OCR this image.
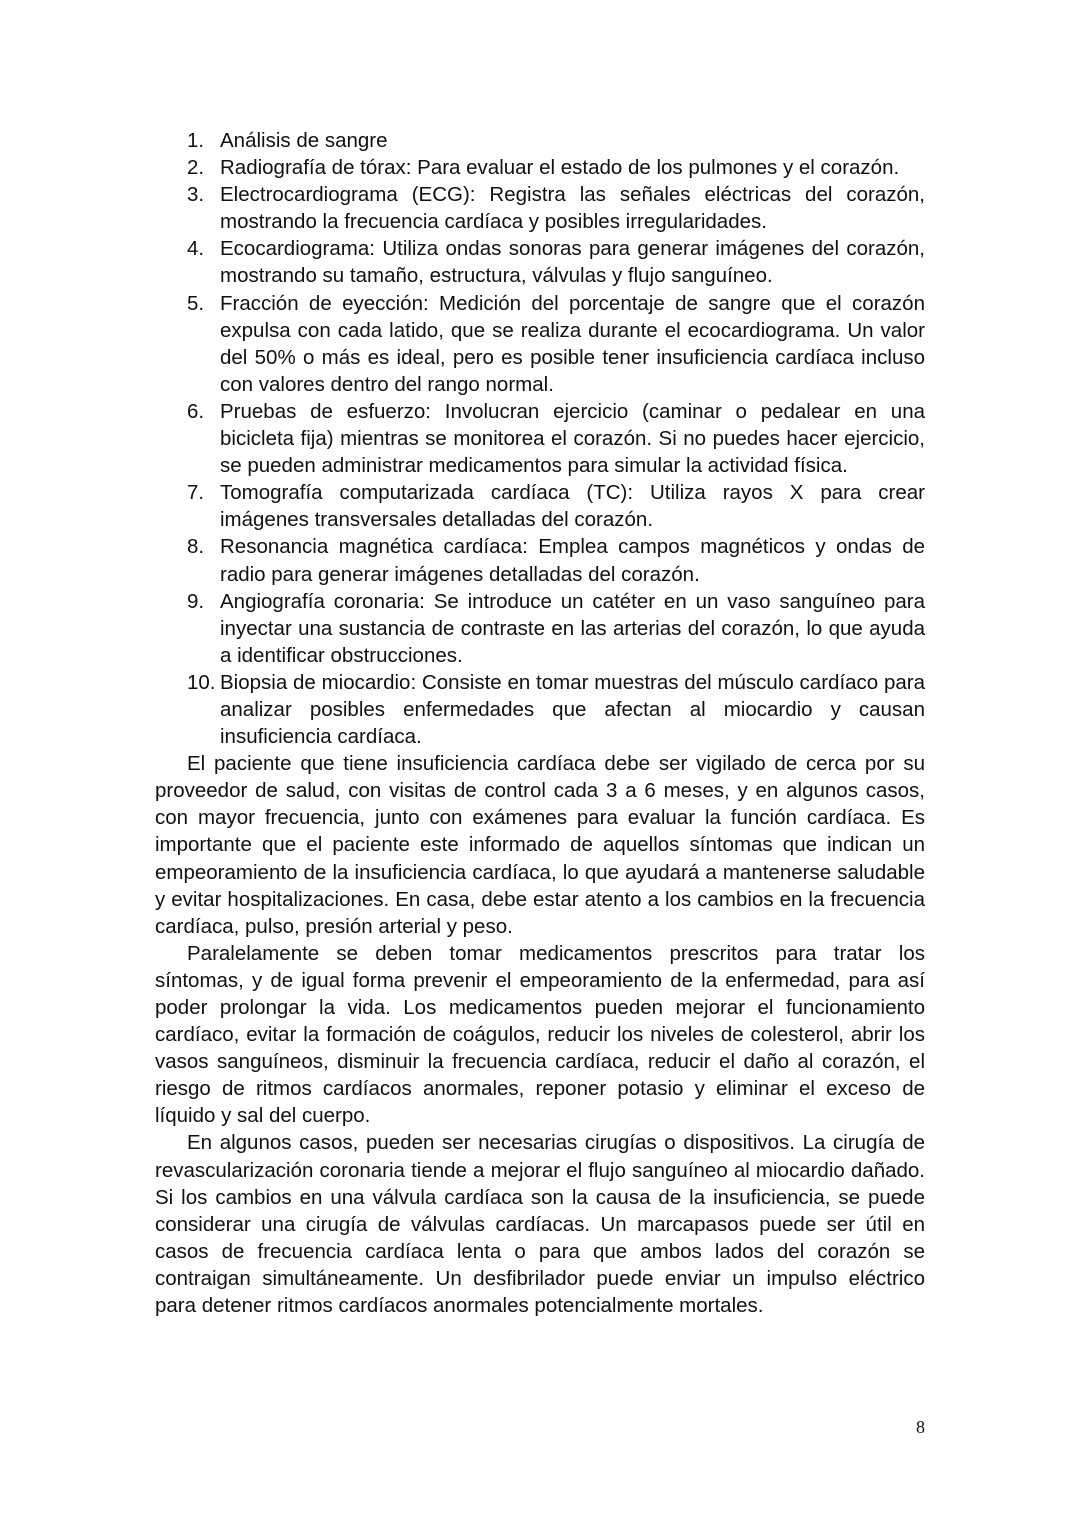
1. Análisis de sangre
2. Radiografía de tórax: Para evaluar el estado de los pulmones y el corazón.
3. Electrocardiograma (ECG): Registra las señales eléctricas del corazón, mostrando la frecuencia cardíaca y posibles irregularidades.
4. Ecocardiograma: Utiliza ondas sonoras para generar imágenes del corazón, mostrando su tamaño, estructura, válvulas y flujo sanguíneo.
5. Fracción de eyección: Medición del porcentaje de sangre que el corazón expulsa con cada latido, que se realiza durante el ecocardiograma. Un valor del 50% o más es ideal, pero es posible tener insuficiencia cardíaca incluso con valores dentro del rango normal.
6. Pruebas de esfuerzo: Involucran ejercicio (caminar o pedalear en una bicicleta fija) mientras se monitorea el corazón. Si no puedes hacer ejercicio, se pueden administrar medicamentos para simular la actividad física.
7. Tomografía computarizada cardíaca (TC): Utiliza rayos X para crear imágenes transversales detalladas del corazón.
8. Resonancia magnética cardíaca: Emplea campos magnéticos y ondas de radio para generar imágenes detalladas del corazón.
9. Angiografía coronaria: Se introduce un catéter en un vaso sanguíneo para inyectar una sustancia de contraste en las arterias del corazón, lo que ayuda a identificar obstrucciones.
10. Biopsia de miocardio: Consiste en tomar muestras del músculo cardíaco para analizar posibles enfermedades que afectan al miocardio y causan insuficiencia cardíaca.

El paciente que tiene insuficiencia cardíaca debe ser vigilado de cerca por su proveedor de salud, con visitas de control cada 3 a 6 meses, y en algunos casos, con mayor frecuencia, junto con exámenes para evaluar la función cardíaca. Es importante que el paciente este informado de aquellos síntomas que indican un empeoramiento de la insuficiencia cardíaca, lo que ayudará a mantenerse saludable y evitar hospitalizaciones. En casa, debe estar atento a los cambios en la frecuencia cardíaca, pulso, presión arterial y peso.

Paralelamente se deben tomar medicamentos prescritos para tratar los síntomas, y de igual forma prevenir el empeoramiento de la enfermedad, para así poder prolongar la vida. Los medicamentos pueden mejorar el funcionamiento cardíaco, evitar la formación de coágulos, reducir los niveles de colesterol, abrir los vasos sanguíneos, disminuir la frecuencia cardíaca, reducir el daño al corazón, el riesgo de ritmos cardíacos anormales, reponer potasio y eliminar el exceso de líquido y sal del cuerpo.

En algunos casos, pueden ser necesarias cirugías o dispositivos. La cirugía de revascularización coronaria tiende a mejorar el flujo sanguíneo al miocardio dañado. Si los cambios en una válvula cardíaca son la causa de la insuficiencia, se puede considerar una cirugía de válvulas cardíacas. Un marcapasos puede ser útil en casos de frecuencia cardíaca lenta o para que ambos lados del corazón se contraigan simultáneamente. Un desfibrilador puede enviar un impulso eléctrico para detener ritmos cardíacos anormales potencialmente mortales.

8
